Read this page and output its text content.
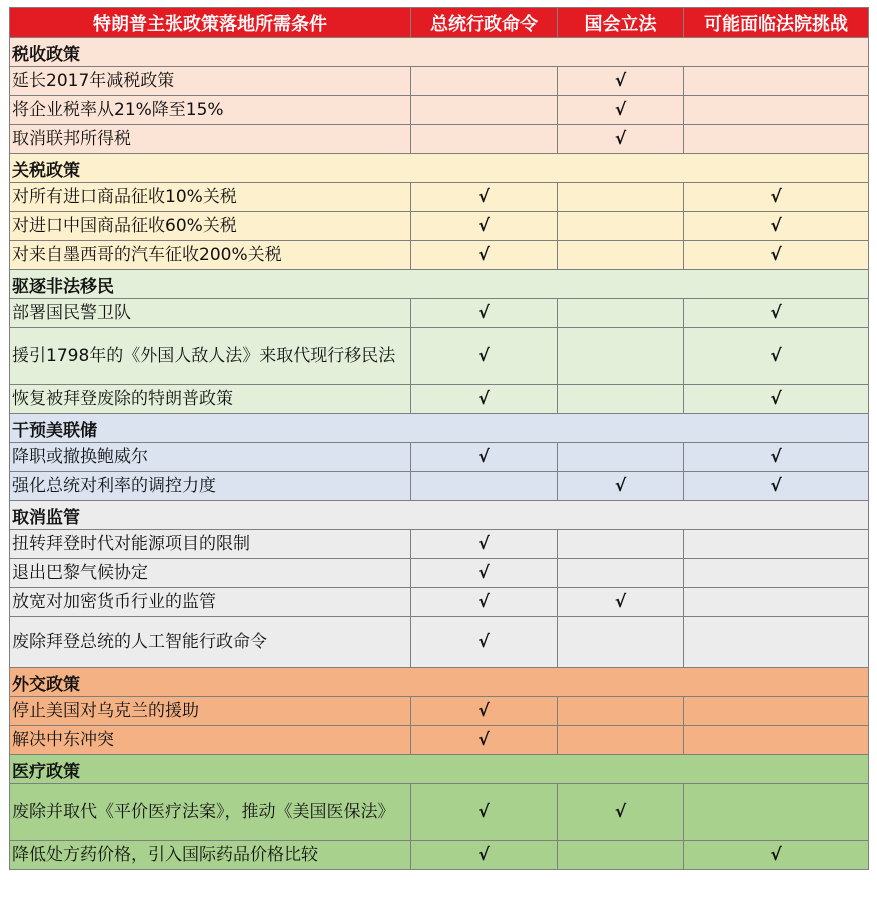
特朗普主张政策落地所需条件	总统行政命令	国会立法	可能面临法院挑战
税收政策			
延长2017年减税政策		√	
将企业税率从21%降至15%		√	
取消联邦所得税		√	
关税政策			
对所有进口商品征收10%关税	√		√
对进口中国商品征收60%关税	√		√
对来自墨西哥的汽车征收200%关税	√		√
驱逐非法移民			
部署国民警卫队	√		√
援引1798年的《外国人敌人法》来取代现行移民法	√		√
恢复被拜登废除的特朗普政策	√		√
干预美联储			
降职或撤换鲍威尔	√		√
强化总统对利率的调控力度		√	√
取消监管			
扭转拜登时代对能源项目的限制	√		
退出巴黎气候协定	√		
放宽对加密货币行业的监管	√	√	
废除拜登总统的人工智能行政命令	√		
外交政策			
停止美国对乌克兰的援助	√		
解决中东冲突	√		
医疗政策			
废除并取代《平价医疗法案》，推动《美国医保法》	√	√	
降低处方药价格，引入国际药品价格比较	√		√
